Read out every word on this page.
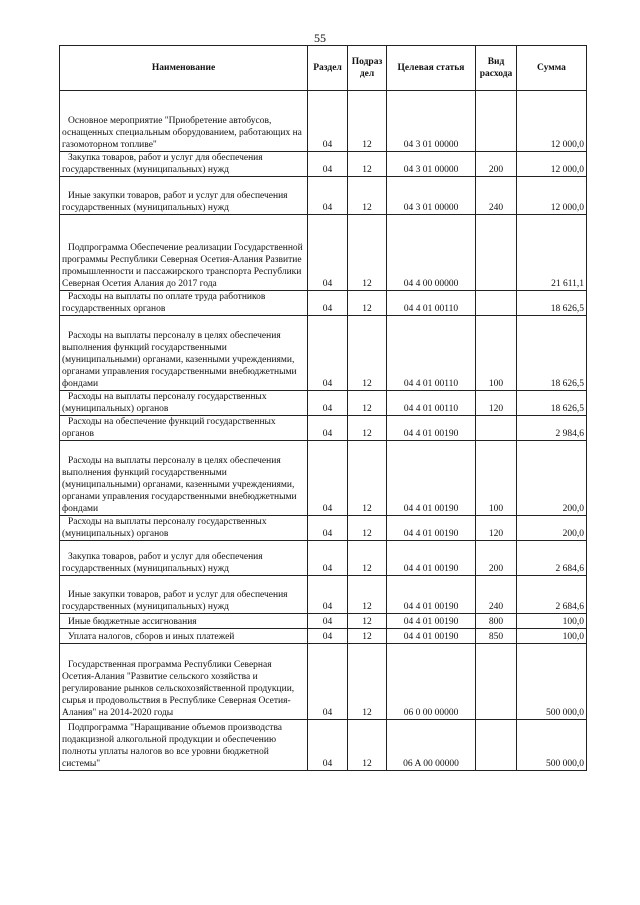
55
Наименование	Раздел	Подраз дел	Целевая статья	Вид расхода	Сумма
Основное мероприятие "Приобретение автобусов, оснащенных специальным оборудованием, работающих на газомоторном топливе"	04	12	04 3 01 00000		12 000,0
Закупка товаров, работ и услуг для обеспечения государственных (муниципальных) нужд	04	12	04 3 01 00000	200	12 000,0
Иные закупки товаров, работ и услуг для обеспечения государственных (муниципальных) нужд	04	12	04 3 01 00000	240	12 000,0
Подпрограмма Обеспечение реализации Государственной программы Республики Северная Осетия-Алания Развитие промышленности и пассажирского транспорта Республики Северная Осетия Алания до 2017 года	04	12	04 4 00 00000		21 611,1
Расходы на выплаты по оплате труда работников государственных органов	04	12	04 4 01 00110		18 626,5
Расходы на выплаты персоналу в целях обеспечения выполнения функций государственными (муниципальными) органами, казенными учреждениями, органами управления государственными внебюджетными фондами	04	12	04 4 01 00110	100	18 626,5
Расходы на выплаты персоналу государственных (муниципальных) органов	04	12	04 4 01 00110	120	18 626,5
Расходы на обеспечение функций государственных органов	04	12	04 4 01 00190		2 984,6
Расходы на выплаты персоналу в целях обеспечения выполнения функций государственными (муниципальными) органами, казенными учреждениями, органами управления государственными внебюджетными фондами	04	12	04 4 01 00190	100	200,0
Расходы на выплаты персоналу государственных (муниципальных) органов	04	12	04 4 01 00190	120	200,0
Закупка товаров, работ и услуг для обеспечения государственных (муниципальных) нужд	04	12	04 4 01 00190	200	2 684,6
Иные закупки товаров, работ и услуг для обеспечения государственных (муниципальных) нужд	04	12	04 4 01 00190	240	2 684,6
Иные бюджетные ассигнования	04	12	04 4 01 00190	800	100,0
Уплата налогов, сборов и иных платежей	04	12	04 4 01 00190	850	100,0
Государственная программа Республики Северная Осетия-Алания "Развитие сельского хозяйства и регулирование рынков сельскохозяйственной продукции, сырья и продовольствия в Республике Северная Осетия-Алания" на 2014-2020 годы	04	12	06 0 00 00000		500 000,0
Подпрограмма "Наращивание объемов производства подакцизной алкогольной продукции и обеспечению полноты уплаты налогов во все уровни бюджетной системы"	04	12	06 A 00 00000		500 000,0
